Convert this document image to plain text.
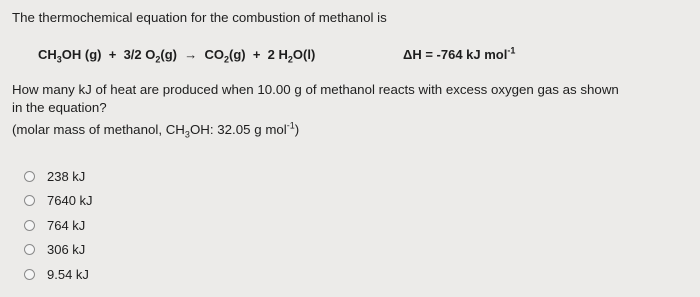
The thermochemical equation for the combustion of methanol is
$CH_3OH$ (g) + 3/2 $O_2(g) \to CO_2(g) + 2$ $H_2O(l)$	ΔH = -764 kJ mol$^{-1}$
How many kJ of heat are produced when 10.00 g of methanol reacts with excess oxygen gas as shown
in the equation?
(molar mass of methanol, $CH_3OH$: 32.05 g mol$^{-1}$)
238 kJ
7640 kJ
764 kJ
306 kJ
9.54 kJ
